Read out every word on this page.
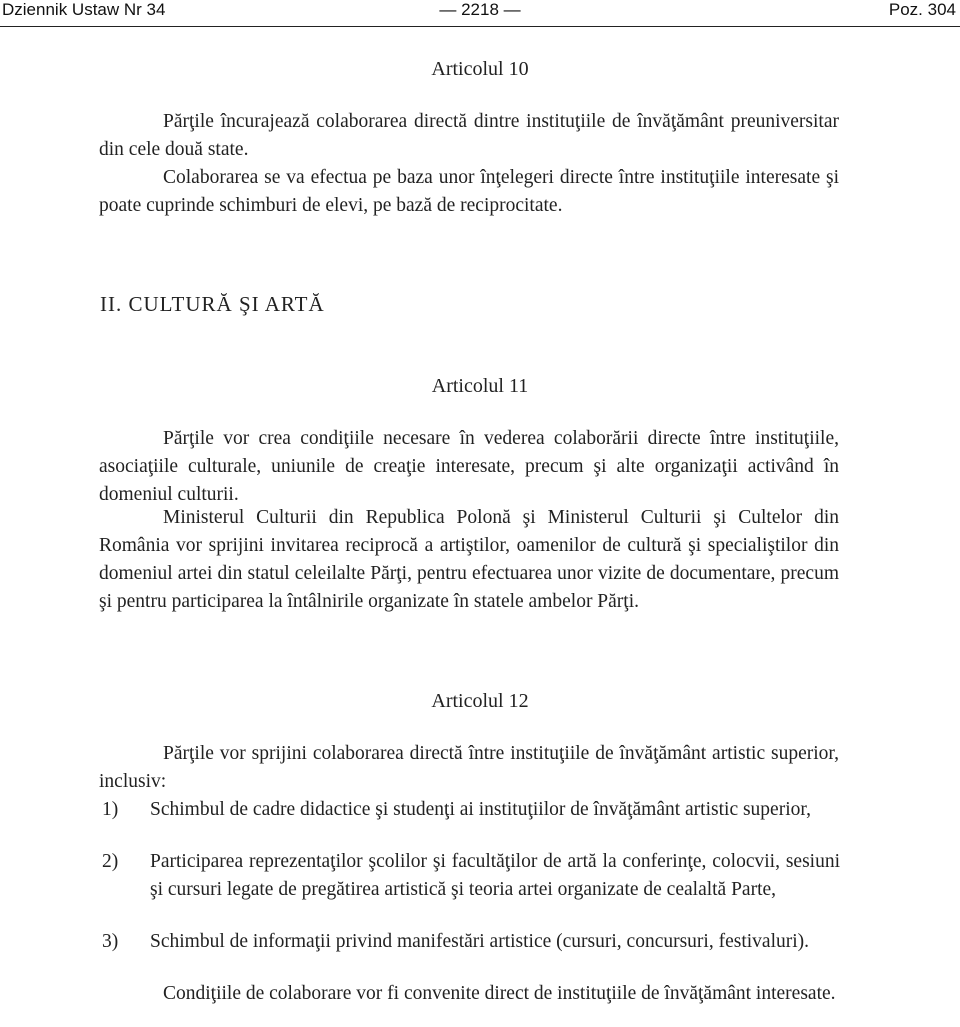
Dziennik Ustaw Nr 34	— 2218 —	Poz. 304
Articolul 10
Părţile încurajează colaborarea directă dintre instituţiile de învăţământ preuniversitar din cele două state.
Colaborarea se va efectua pe baza unor înţelegeri directe între instituţiile interesate şi poate cuprinde schimburi de elevi, pe bază de reciprocitate.
II. CULTURĂ ŞI ARTĂ
Articolul 11
Părţile vor crea condiţiile necesare în vederea colaborării directe între instituţiile, asociaţiile culturale, uniunile de creaţie interesate, precum şi alte organizaţii activând în domeniul culturii.
Ministerul Culturii din Republica Polonă şi Ministerul Culturii şi Cultelor din România vor sprijini invitarea reciprocă a artiştilor, oamenilor de cultură şi specialiştilor din domeniul artei din statul celeilalte Părţi, pentru efectuarea unor vizite de documentare, precum şi pentru participarea la întâlnirile organizate în statele ambelor Părţi.
Articolul 12
Părţile vor sprijini colaborarea directă între instituţiile de învăţământ artistic superior, inclusiv:
1) Schimbul de cadre didactice şi studenţi ai instituţiilor de învăţământ artistic superior,
2) Participarea reprezentaţilor şcolilor şi facultăţilor de artă la conferinţe, colocvii, sesiuni şi cursuri legate de pregătirea artistică şi teoria artei organizate de cealaltă Parte,
3) Schimbul de informaţii privind manifestări artistice (cursuri, concursuri, festivaluri).
Condiţiile de colaborare vor fi convenite direct de instituţiile de învăţământ interesate.
